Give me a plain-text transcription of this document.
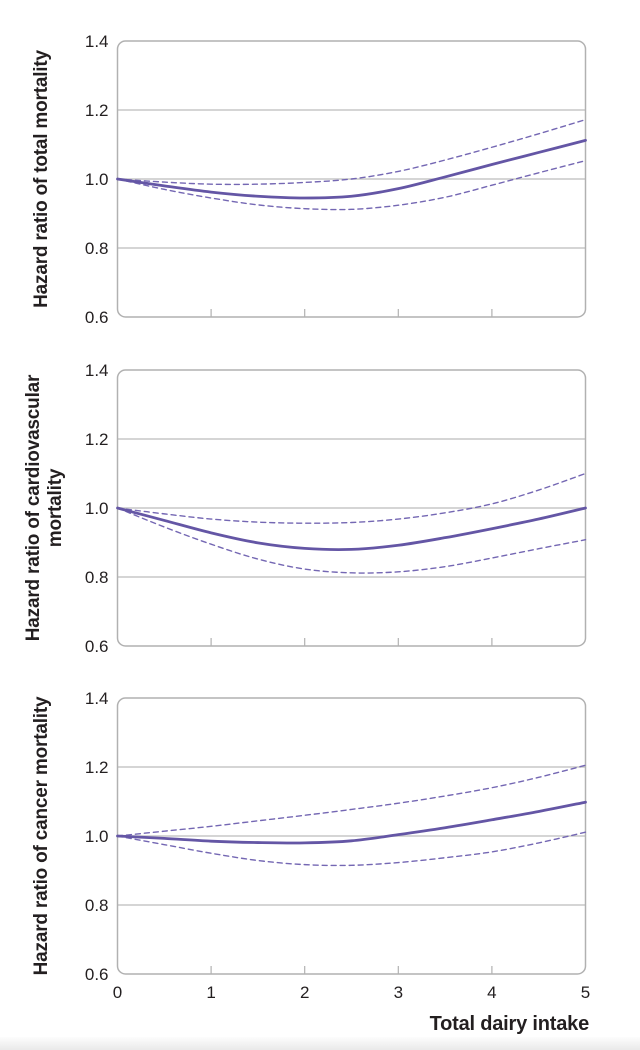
0.6
0.8
1.0
1.2
1.4
0.6
0.8
1.0
1.2
1.4
0.6
0.8
1.0
1.2
1.4
0	1	2	3	4	5
Hazard ratio of total mortality
Hazard ratio of cardiovascular mortality
Hazard ratio of cancer mortality
Total dairy intake
